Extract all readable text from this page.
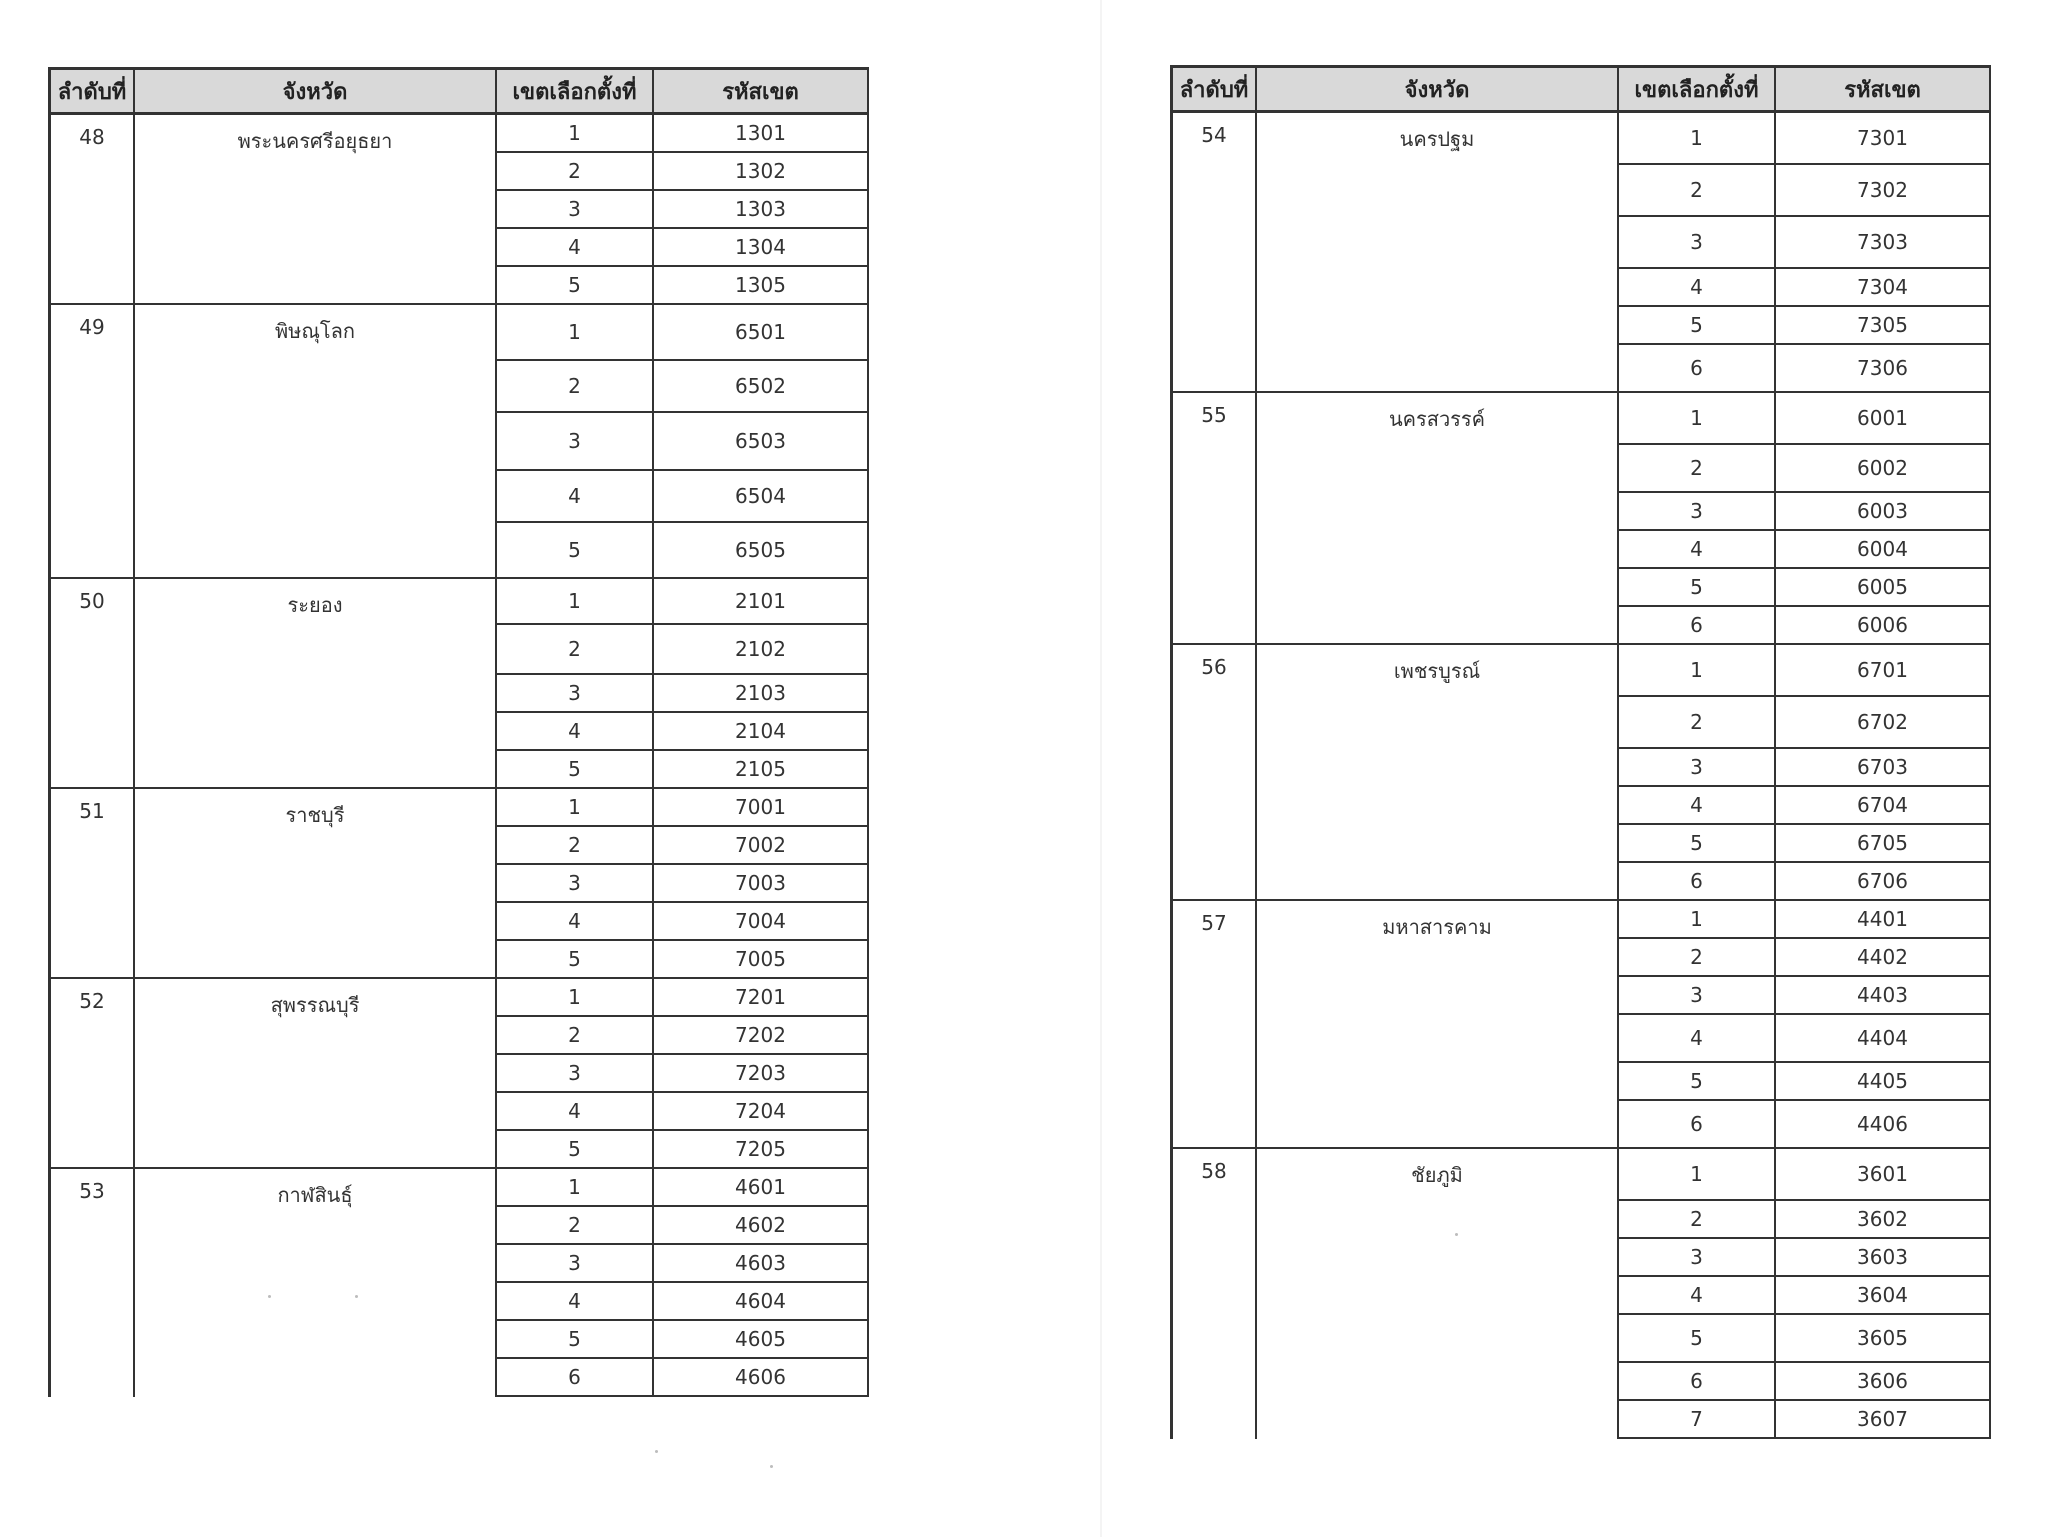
ลำดับที่	จังหวัด	เขตเลือกตั้งที่	รหัสเขต
48	พระนครศรีอยุธยา	1	1301
2	1302
3	1303
4	1304
5	1305
49	พิษณุโลก	1	6501
2	6502
3	6503
4	6504
5	6505
50	ระยอง	1	2101
2	2102
3	2103
4	2104
5	2105
51	ราชบุรี	1	7001
2	7002
3	7003
4	7004
5	7005
52	สุพรรณบุรี	1	7201
2	7202
3	7203
4	7204
5	7205
53	กาฬสินธุ์	1	4601
2	4602
3	4603
4	4604
5	4605
6	4606
ลำดับที่	จังหวัด	เขตเลือกตั้งที่	รหัสเขต
54	นครปฐม	1	7301
2	7302
3	7303
4	7304
5	7305
6	7306
55	นครสวรรค์	1	6001
2	6002
3	6003
4	6004
5	6005
6	6006
56	เพชรบูรณ์	1	6701
2	6702
3	6703
4	6704
5	6705
6	6706
57	มหาสารคาม	1	4401
2	4402
3	4403
4	4404
5	4405
6	4406
58	ชัยภูมิ	1	3601
2	3602
3	3603
4	3604
5	3605
6	3606
7	3607
